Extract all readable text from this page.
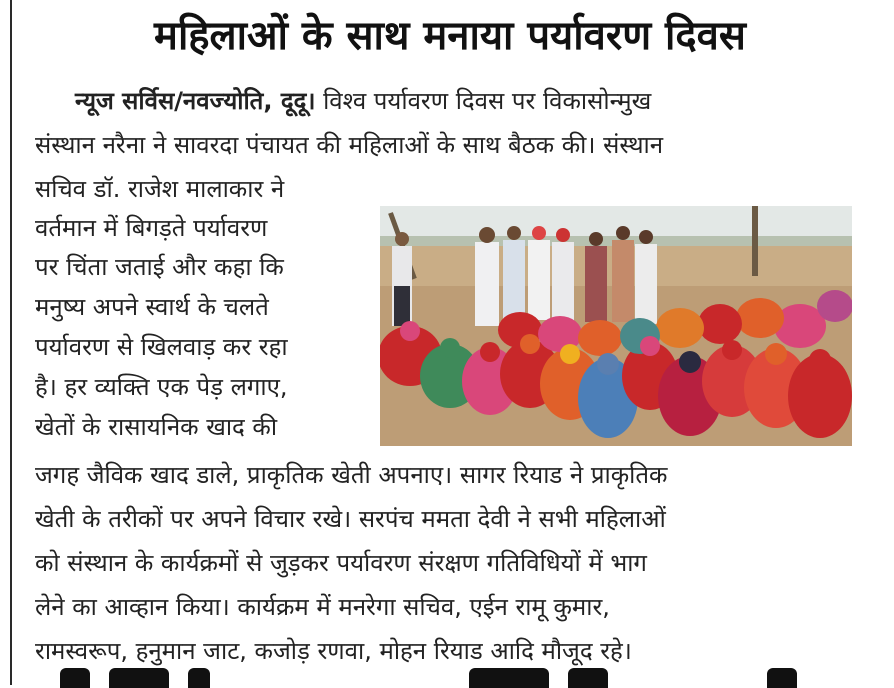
महिलाओं के साथ मनाया पर्यावरण दिवस
न्यूज सर्विस/नवज्योति, दूदू। विश्व पर्यावरण दिवस पर विकासोन्मुख
संस्थान नरैना ने सावरदा पंचायत की महिलाओं के साथ बैठक की। संस्थान
सचिव डॉ. राजेश मालाकार ने
वर्तमान में बिगड़ते पर्यावरण
पर चिंता जताई और कहा कि
मनुष्य अपने स्वार्थ के चलते
पर्यावरण से खिलवाड़ कर रहा
है। हर व्यक्ति एक पेड़ लगाए,
खेतों के रासायनिक खाद की
जगह जैविक खाद डाले, प्राकृतिक खेती अपनाए। सागर रियाड ने प्राकृतिक
खेती के तरीकों पर अपने विचार रखे। सरपंच ममता देवी ने सभी महिलाओं
को संस्थान के कार्यक्रमों से जुड़कर पर्यावरण संरक्षण गतिविधियों में भाग
लेने का आव्हान किया। कार्यक्रम में मनरेगा सचिव, एईन रामू कुमार,
रामस्वरूप, हनुमान जाट, कजोड़ रणवा, मोहन रियाड आदि मौजूद रहे।
